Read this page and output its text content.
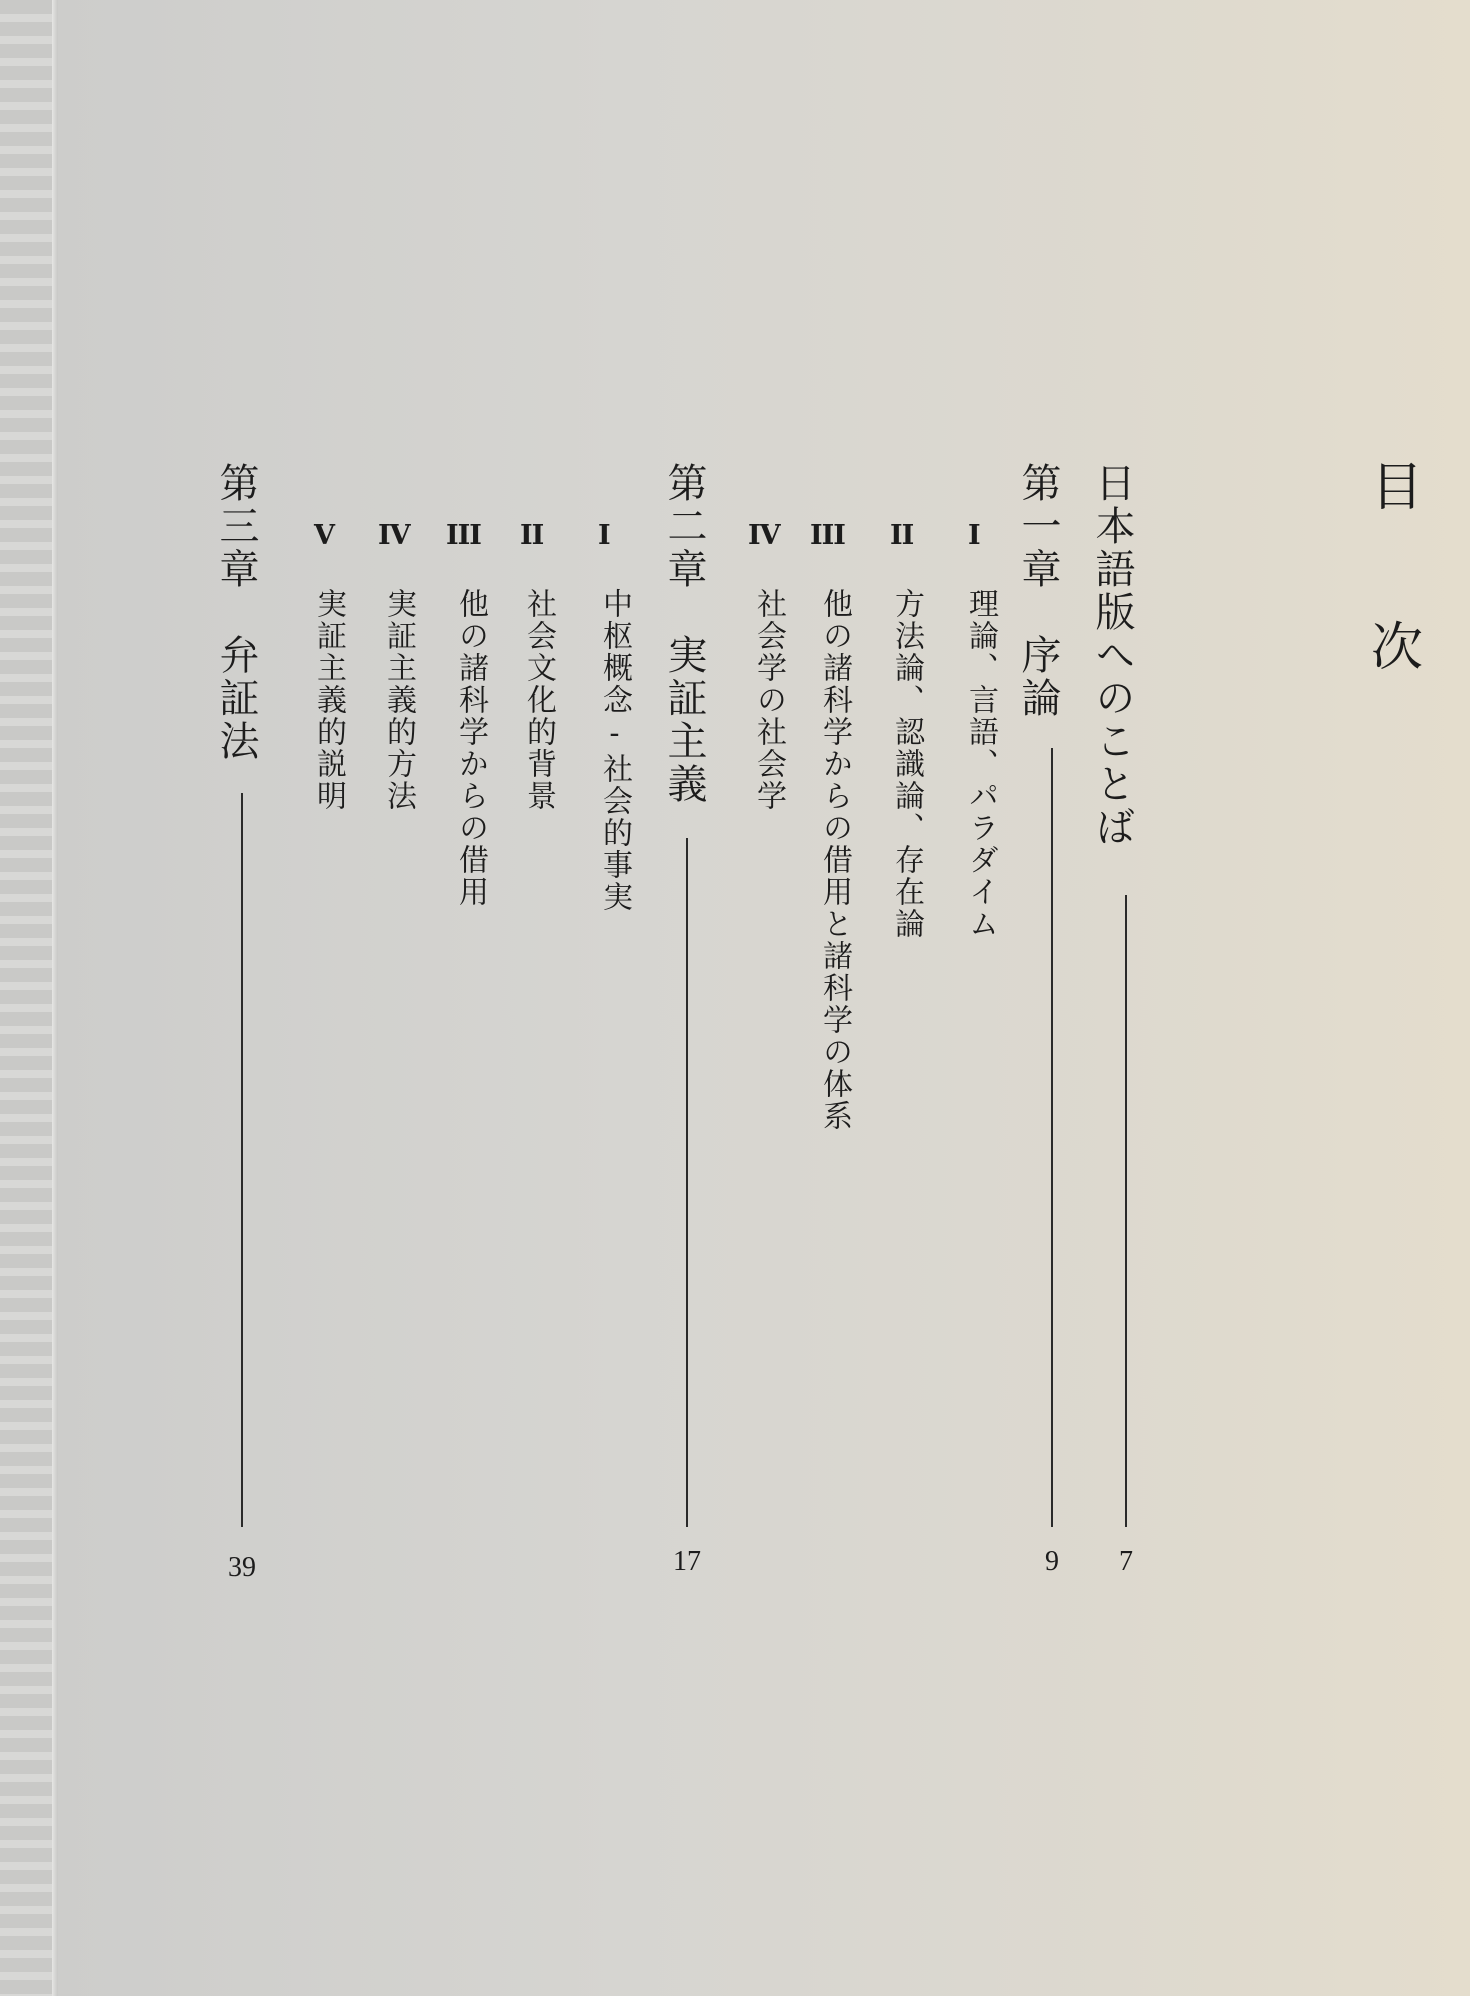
目
次
日本語版へのことば
7
第一章　序論
9
I
理論、言語、パラダイム
II
方法論、認識論、存在論
III
他の諸科学からの借用と諸科学の体系
IV
社会学の社会学
第二章　実証主義
17
I
中枢概念-社会的事実
II
社会文化的背景
III
他の諸科学からの借用
IV
実証主義的方法
V
実証主義的説明
第三章　弁証法
39
